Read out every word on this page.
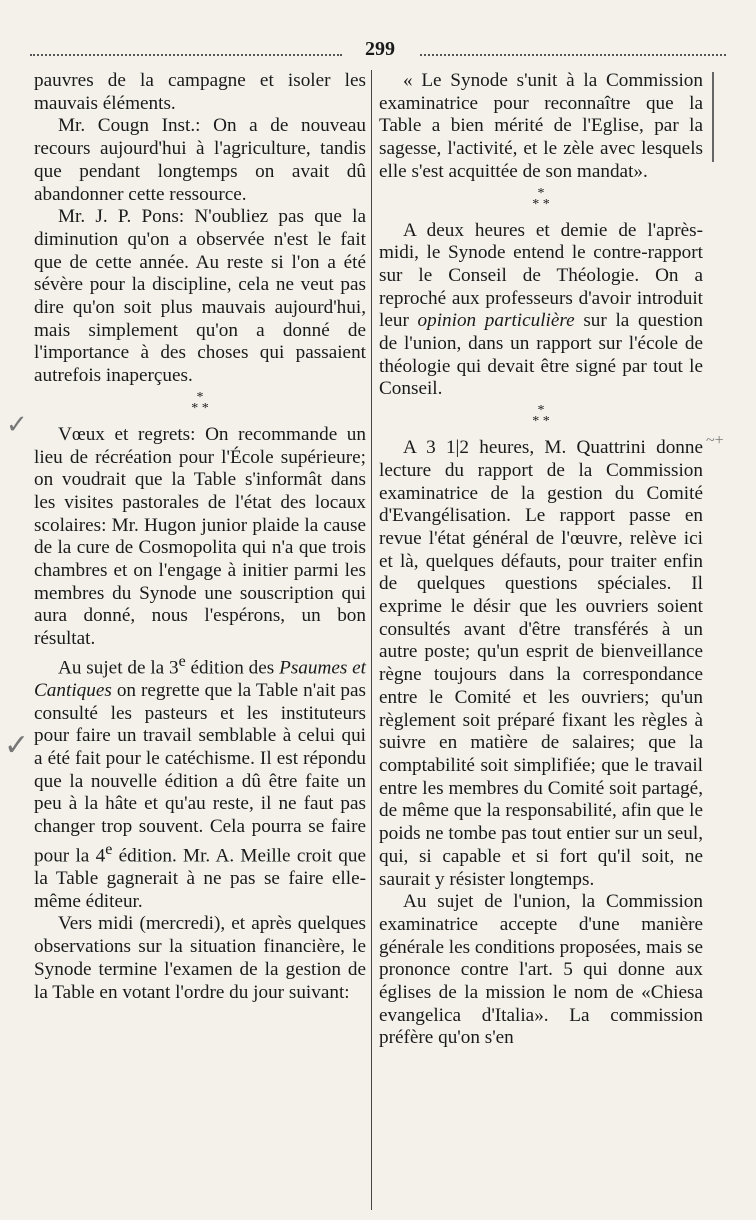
299

pauvres de la campagne et isoler les mauvais éléments.

Mr. Cougn Inst.: On a de nouveau recours aujourd'hui à l'agriculture, tandis que pendant longtemps on avait dû abandonner cette ressource.

Mr. J. P. Pons: N'oubliez pas que la diminution qu'on a observée n'est le fait que de cette année. Au reste si l'on a été sévère pour la discipline, cela ne veut pas dire qu'on soit plus mauvais aujourd'hui, mais simplement qu'on a donné de l'importance à des choses qui passaient autrefois inaperçues.

*
* *

Vœux et regrets: On recommande un lieu de récréation pour l'École supérieure; on voudrait que la Table s'informât dans les visites pastorales de l'état des locaux scolaires: Mr. Hugon junior plaide la cause de la cure de Cosmopolita qui n'a que trois chambres et on l'engage à initier parmi les membres du Synode une souscription qui aura donné, nous l'espérons, un bon résultat.

Au sujet de la 3e édition des Psaumes et Cantiques on regrette que la Table n'ait pas consulté les pasteurs et les instituteurs pour faire un travail semblable à celui qui a été fait pour le catéchisme. Il est répondu que la nouvelle édition a dû être faite un peu à la hâte et qu'au reste, il ne faut pas changer trop souvent. Cela pourra se faire pour la 4e édition. Mr. A. Meille croit que la Table gagnerait à ne pas se faire elle-même éditeur.

Vers midi (mercredi), et après quelques observations sur la situation financière, le Synode termine l'examen de la gestion de la Table en votant l'ordre du jour suivant:

« Le Synode s'unit à la Commission examinatrice pour reconnaître que la Table a bien mérité de l'Eglise, par la sagesse, l'activité, et le zèle avec lesquels elle s'est acquittée de son mandat».

*
* *

A deux heures et demie de l'après-midi, le Synode entend le contre-rapport sur le Conseil de Théologie. On a reproché aux professeurs d'avoir introduit leur opinion particulière sur la question de l'union, dans un rapport sur l'école de théologie qui devait être signé par tout le Conseil.

*
* *

A 3 1|2 heures, M. Quattrini donne lecture du rapport de la Commission examinatrice de la gestion du Comité d'Evangélisation. Le rapport passe en revue l'état général de l'œuvre, relève ici et là, quelques défauts, pour traiter enfin de quelques questions spéciales. Il exprime le désir que les ouvriers soient consultés avant d'être transférés à un autre poste; qu'un esprit de bienveillance règne toujours dans la correspondance entre le Comité et les ouvriers; qu'un règlement soit préparé fixant les règles à suivre en matière de salaires; que la comptabilité soit simplifiée; que le travail entre les membres du Comité soit partagé, de même que la responsabilité, afin que le poids ne tombe pas tout entier sur un seul, qui, si capable et si fort qu'il soit, ne saurait y résister longtemps.

Au sujet de l'union, la Commission examinatrice accepte d'une manière générale les conditions proposées, mais se prononce contre l'art. 5 qui donne aux églises de la mission le nom de «Chiesa evangelica d'Italia». La commission préfère qu'on s'en

✓
✓
~+
